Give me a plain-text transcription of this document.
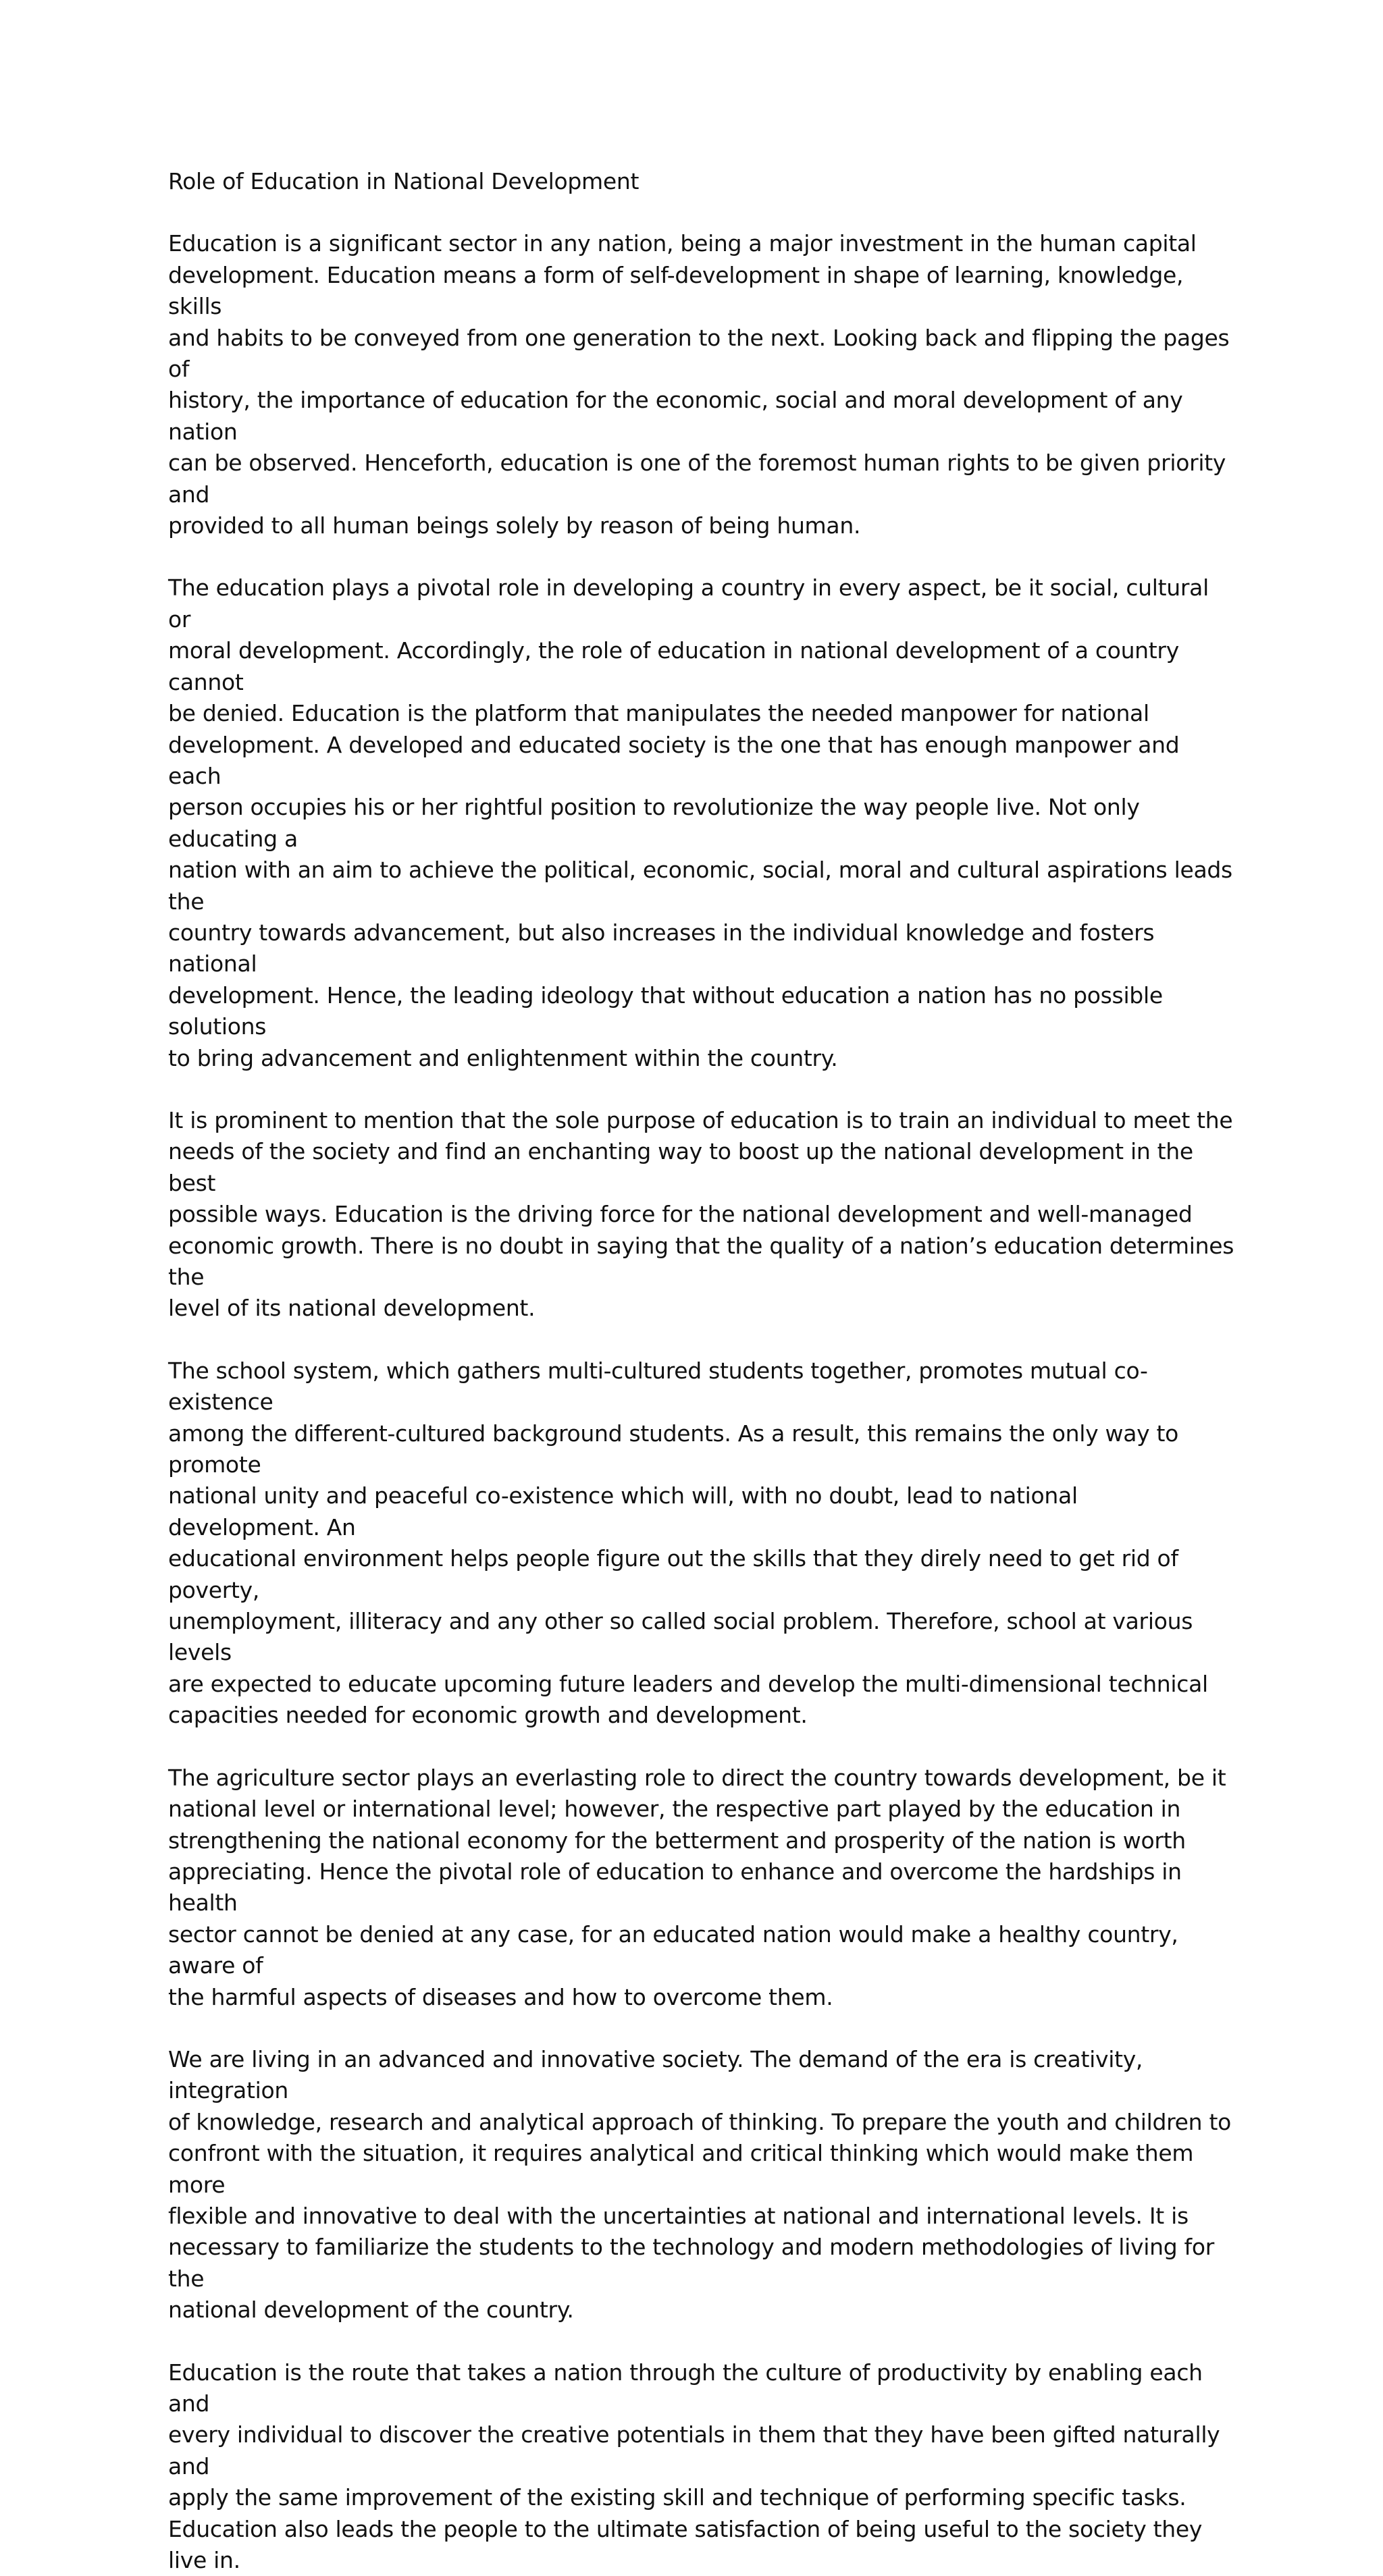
Role of Education in National Development

Education is a significant sector in any nation, being a major investment in the human capital
development. Education means a form of self-development in shape of learning, knowledge, skills
and habits to be conveyed from one generation to the next. Looking back and flipping the pages of
history, the importance of education for the economic, social and moral development of any nation
can be observed. Henceforth, education is one of the foremost human rights to be given priority and
provided to all human beings solely by reason of being human.

The education plays a pivotal role in developing a country in every aspect, be it social, cultural or
moral development. Accordingly, the role of education in national development of a country cannot
be denied. Education is the platform that manipulates the needed manpower for national
development. A developed and educated society is the one that has enough manpower and each
person occupies his or her rightful position to revolutionize the way people live. Not only educating a
nation with an aim to achieve the political, economic, social, moral and cultural aspirations leads the
country towards advancement, but also increases in the individual knowledge and fosters national
development. Hence, the leading ideology that without education a nation has no possible solutions
to bring advancement and enlightenment within the country.

It is prominent to mention that the sole purpose of education is to train an individual to meet the
needs of the society and find an enchanting way to boost up the national development in the best
possible ways. Education is the driving force for the national development and well-managed
economic growth. There is no doubt in saying that the quality of a nation’s education determines the
level of its national development.

The school system, which gathers multi-cultured students together, promotes mutual co-existence
among the different-cultured background students. As a result, this remains the only way to promote
national unity and peaceful co-existence which will, with no doubt, lead to national development. An
educational environment helps people figure out the skills that they direly need to get rid of poverty,
unemployment, illiteracy and any other so called social problem. Therefore, school at various levels
are expected to educate upcoming future leaders and develop the multi-dimensional technical
capacities needed for economic growth and development.

The agriculture sector plays an everlasting role to direct the country towards development, be it
national level or international level; however, the respective part played by the education in
strengthening the national economy for the betterment and prosperity of the nation is worth
appreciating. Hence the pivotal role of education to enhance and overcome the hardships in health
sector cannot be denied at any case, for an educated nation would make a healthy country, aware of
the harmful aspects of diseases and how to overcome them.

We are living in an advanced and innovative society. The demand of the era is creativity, integration
of knowledge, research and analytical approach of thinking. To prepare the youth and children to
confront with the situation, it requires analytical and critical thinking which would make them more
flexible and innovative to deal with the uncertainties at national and international levels. It is
necessary to familiarize the students to the technology and modern methodologies of living for the
national development of the country.

Education is the route that takes a nation through the culture of productivity by enabling each and
every individual to discover the creative potentials in them that they have been gifted naturally and
apply the same improvement of the existing skill and technique of performing specific tasks.
Education also leads the people to the ultimate satisfaction of being useful to the society they live in.
